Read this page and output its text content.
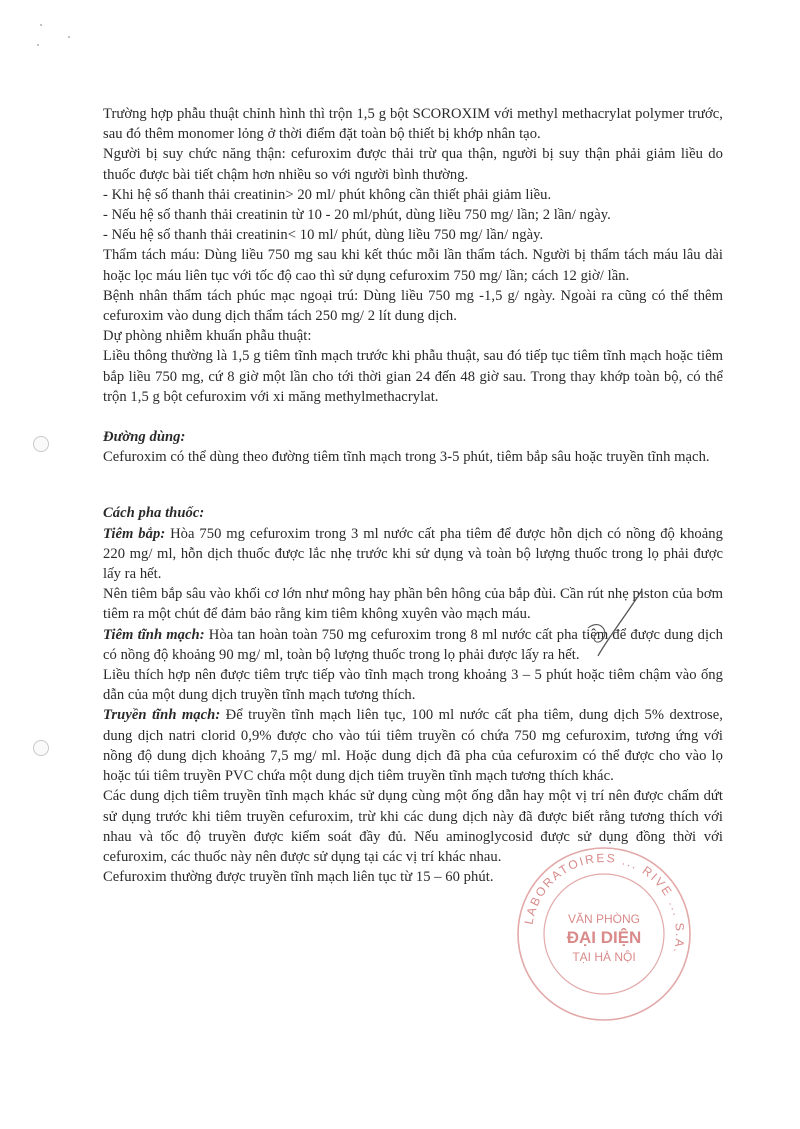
Trường hợp phẫu thuật chỉnh hình thì trộn 1,5 g bột SCOROXIM với methyl methacrylat polymer trước, sau đó thêm monomer lỏng ở thời điểm đặt toàn bộ thiết bị khớp nhân tạo.

Người bị suy chức năng thận: cefuroxim được thải trừ qua thận, người bị suy thận phải giảm liều do thuốc được bài tiết chậm hơn nhiều so với người bình thường.

- Khi hệ số thanh thải creatinin> 20 ml/ phút không cần thiết phải giảm liều.

- Nếu hệ số thanh thải creatinin từ 10 - 20 ml/phút, dùng liều 750 mg/ lần; 2 lần/ ngày.

- Nếu hệ số thanh thải creatinin< 10 ml/ phút, dùng liều 750 mg/ lần/ ngày.

Thẩm tách máu: Dùng liều 750 mg sau khi kết thúc mỗi lần thẩm tách. Người bị thẩm tách máu lâu dài hoặc lọc máu liên tục với tốc độ cao thì sử dụng cefuroxim 750 mg/ lần; cách 12 giờ/ lần.

Bệnh nhân thẩm tách phúc mạc ngoại trú: Dùng liều 750 mg -1,5 g/ ngày. Ngoài ra cũng có thể thêm cefuroxim vào dung dịch thẩm tách 250 mg/ 2 lít dung dịch.

Dự phòng nhiễm khuẩn phẫu thuật:

Liều thông thường là 1,5 g tiêm tĩnh mạch trước khi phẫu thuật, sau đó tiếp tục tiêm tĩnh mạch hoặc tiêm bắp liều 750 mg, cứ 8 giờ một lần cho tới thời gian 24 đến 48 giờ sau. Trong thay khớp toàn bộ, có thể trộn 1,5 g bột cefuroxim với xi măng methylmethacrylat.

Đường dùng:

Cefuroxim có thể dùng theo đường tiêm tĩnh mạch trong 3-5 phút, tiêm bắp sâu hoặc truyền tĩnh mạch.

Cách pha thuốc:

Tiêm bắp: Hòa 750 mg cefuroxim trong 3 ml nước cất pha tiêm để được hỗn dịch có nồng độ khoảng 220 mg/ ml, hỗn dịch thuốc được lắc nhẹ trước khi sử dụng và toàn bộ lượng thuốc trong lọ phải được lấy ra hết.

Nên tiêm bắp sâu vào khối cơ lớn như mông hay phần bên hông của bắp đùi. Cần rút nhẹ piston của bơm tiêm ra một chút để đảm bảo rằng kim tiêm không xuyên vào mạch máu.

Tiêm tĩnh mạch: Hòa tan hoàn toàn 750 mg cefuroxim trong 8 ml nước cất pha tiêm để được dung dịch có nồng độ khoảng 90 mg/ ml, toàn bộ lượng thuốc trong lọ phải được lấy ra hết.

Liều thích hợp nên được tiêm trực tiếp vào tĩnh mạch trong khoảng 3 – 5 phút hoặc tiêm chậm vào ống dẫn của một dung dịch truyền tĩnh mạch tương thích.

Truyền tĩnh mạch: Để truyền tĩnh mạch liên tục, 100 ml nước cất pha tiêm, dung dịch 5% dextrose, dung dịch natri clorid 0,9% được cho vào túi tiêm truyền có chứa 750 mg cefuroxim, tương ứng với nồng độ dung dịch khoảng 7,5 mg/ ml. Hoặc dung dịch đã pha của cefuroxim có thể được cho vào lọ hoặc túi tiêm truyền PVC chứa một dung dịch tiêm truyền tĩnh mạch tương thích khác.

Các dung dịch tiêm truyền tĩnh mạch khác sử dụng cùng một ống dẫn hay một vị trí nên được chấm dứt sử dụng trước khi tiêm truyền cefuroxim, trừ khi các dung dịch này đã được biết rằng tương thích với nhau và tốc độ truyền được kiểm soát đầy đủ. Nếu aminoglycosid được sử dụng đồng thời với cefuroxim, các thuốc này nên được sử dụng tại các vị trí khác nhau.

Cefuroxim thường được truyền tĩnh mạch liên tục từ 15 – 60 phút.

LABORATOIRES ... RIVE ... S.A.
VĂN PHÒNG
ĐẠI DIỆN
TẠI HÀ NỘI
